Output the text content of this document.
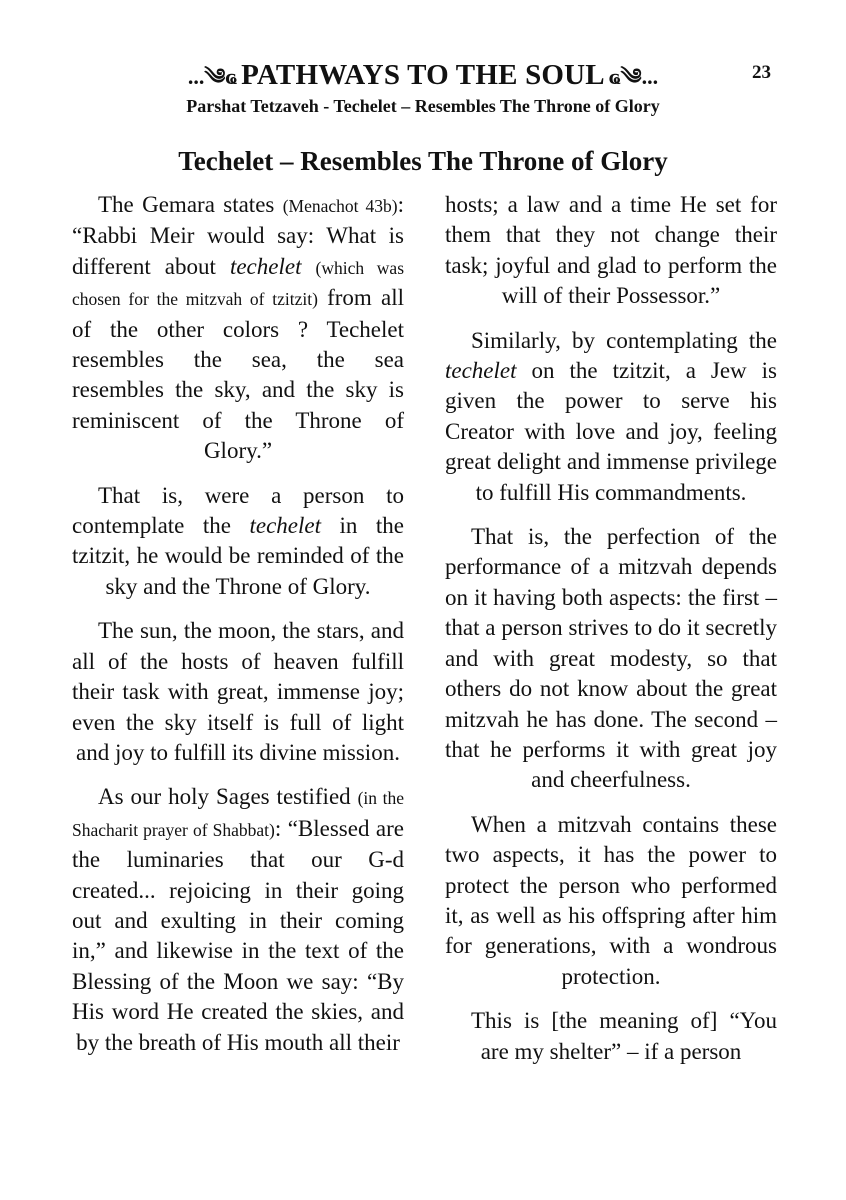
...༄ҩ PATHWAYS TO THE SOUL ҩ༄...	23
Parshat Tetzaveh - Techelet – Resembles The Throne of Glory
Techelet – Resembles The Throne of Glory

The Gemara states (Menachot 43b): “Rabbi Meir would say: What is different about techelet (which was chosen for the mitzvah of tzitzit) from all of the other colors ? Techelet resembles the sea, the sea resembles the sky, and the sky is reminiscent of the Throne of Glory.”

That is, were a person to contemplate the techelet in the tzitzit, he would be reminded of the sky and the Throne of Glory.

The sun, the moon, the stars, and all of the hosts of heaven fulfill their task with great, immense joy; even the sky itself is full of light and joy to fulfill its divine mission.

As our holy Sages testified (in the Shacharit prayer of Shabbat): “Blessed are the luminaries that our G-d created... rejoicing in their going out and exulting in their coming in,” and likewise in the text of the Blessing of the Moon we say: “By His word He created the skies, and by the breath of His mouth all their

hosts; a law and a time He set for them that they not change their task; joyful and glad to perform the will of their Possessor.”

Similarly, by contemplating the techelet on the tzitzit, a Jew is given the power to serve his Creator with love and joy, feeling great delight and immense privilege to fulfill His commandments.

That is, the perfection of the performance of a mitzvah depends on it having both aspects: the first – that a person strives to do it secretly and with great modesty, so that others do not know about the great mitzvah he has done. The second – that he performs it with great joy and cheerfulness.

When a mitzvah contains these two aspects, it has the power to protect the person who performed it, as well as his offspring after him for generations, with a wondrous protection.

This is [the meaning of] “You are my shelter” – if a person
